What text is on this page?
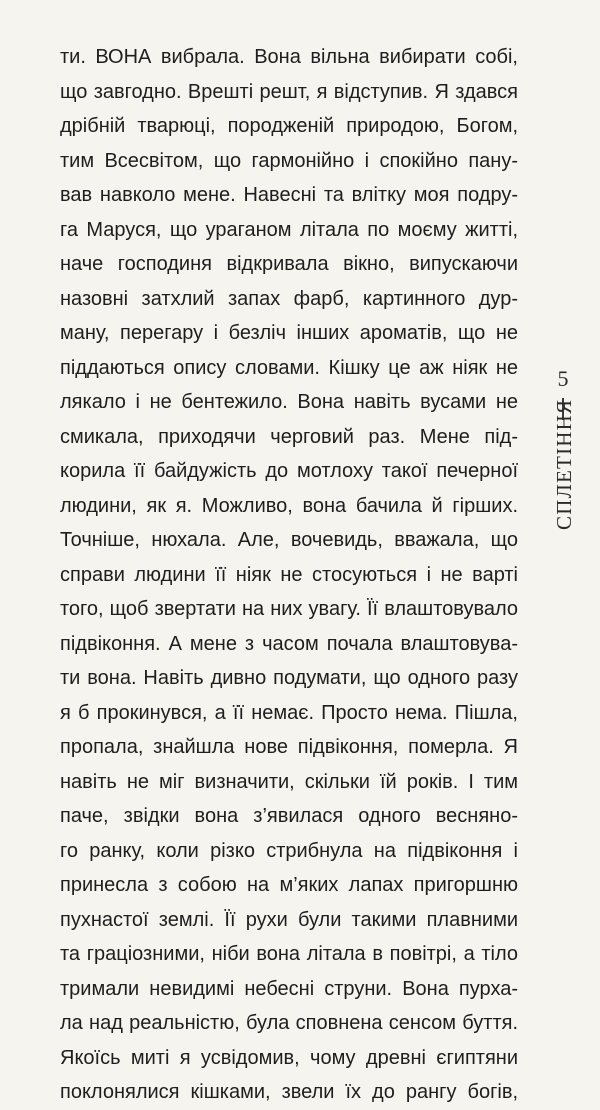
ти. ВОНА вибрала. Вона вільна вибирати собі,
що завгодно. Врешті решт, я відступив. Я здався
дрібній тварюці, породженій природою, Богом,
тим Всесвітом, що гармонійно і спокійно пану-
вав навколо мене. Навесні та влітку моя подру-
га Маруся, що ураганом літала по моєму житті,
наче господиня відкривала вікно, випускаючи
назовні затхлий запах фарб, картинного дур-
ману, перегару і безліч інших ароматів, що не
піддаються опису словами. Кішку це аж ніяк не
лякало і не бентежило. Вона навіть вусами не
смикала, приходячи черговий раз. Мене під-
корила її байдужість до мотлоху такої печерної
людини, як я. Можливо, вона бачила й гірших.
Точніше, нюхала. Але, вочевидь, вважала, що
справи людини її ніяк не стосуються і не варті
того, щоб звертати на них увагу. Її влаштовувало
підвіконня. А мене з часом почала влаштовува-
ти вона. Навіть дивно подумати, що одного разу
я б прокинувся, а її немає. Просто нема. Пішла,
пропала, знайшла нове підвіконня, померла. Я
навіть не міг визначити, скільки їй років. І тим
паче, звідки вона з’явилася одного весняно-
го ранку, коли різко стрибнула на підвіконня і
принесла з собою на м’яких лапах пригоршню
пухнастої землі. Її рухи були такими плавними
та граціозними, ніби вона літала в повітрі, а тіло
тримали невидимі небесні струни. Вона пурха-
ла над реальністю, була сповнена сенсом буття.
Якоїсь миті я усвідомив, чому древні єгиптяни
поклонялися кішками, звели їх до рангу богів,
5
СПЛЕТІННЯ
